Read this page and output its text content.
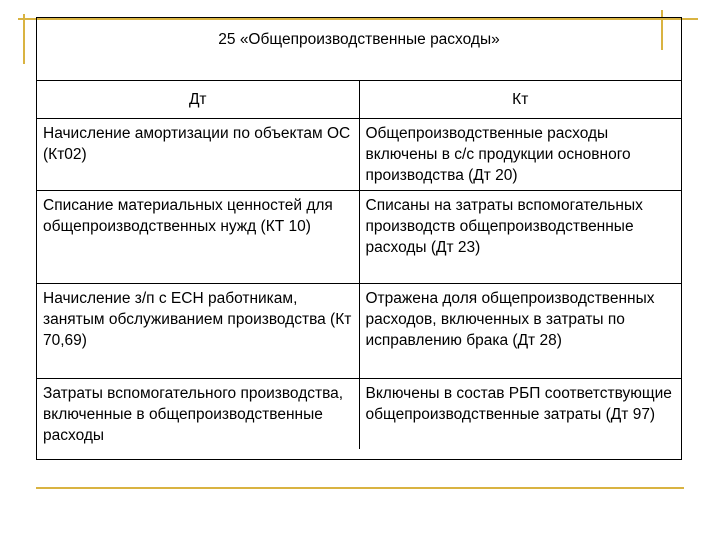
25 «Общепроизводственные расходы»	
Дт	Кт
Начисление амортизации по объектам ОС (Кт02)	Общепроизводственные расходы включены в с/с продукции основного производства (Дт 20)
Списание материальных ценностей для общепроизводственных нужд (КТ 10)	Списаны на затраты вспомогательных производств общепроизводственные расходы (Дт 23)
Начисление з/п с ЕСН работникам, занятым обслуживанием производства (Кт 70,69)	Отражена доля общепроизводственных расходов, включенных в затраты по исправлению брака (Дт 28)
Затраты вспомогательного производства, включенные в общепроизводственные расходы	Включены в состав РБП соответствующие общепроизводственные затраты (Дт 97)
